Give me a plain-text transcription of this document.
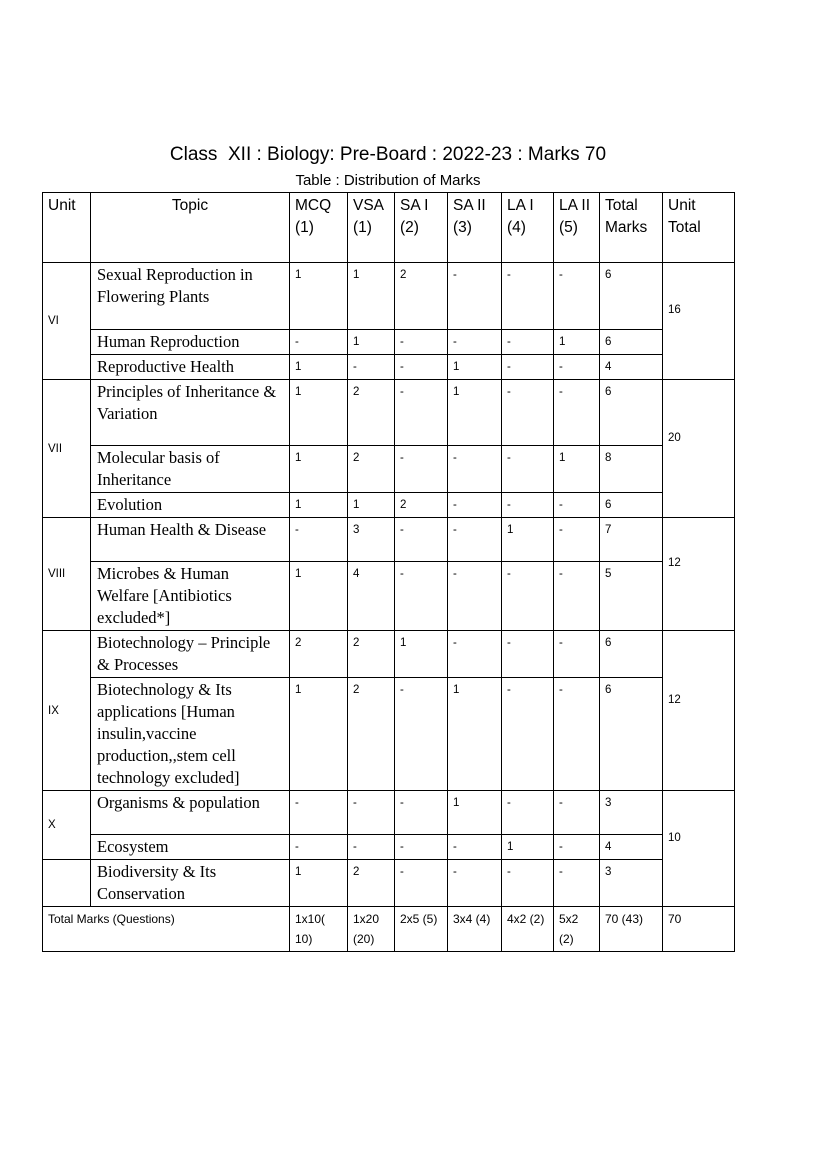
Class  XII : Biology: Pre-Board : 2022-23 : Marks 70
Table : Distribution of Marks
Unit	Topic	MCQ (1)	VSA (1)	SA I (2)	SA II (3)	LA I (4)	LA II (5)	Total Marks	Unit Total
VI	Sexual Reproduction in Flowering Plants	1	1	2	-	-	-	6	16

	Human Reproduction	-	1	-	-	-	1	6	
	Reproductive Health	1	-	-	1	-	-	4	
VII	Principles of Inheritance & Variation	1	2	-	1	-	-	6	20

	Molecular basis of Inheritance	1	2	-	-	-	1	8	
	Evolution	1	1	2	-	-	-	6	
VIII	Human Health & Disease	-	3	-	-	1	-	7	12

	Microbes & Human Welfare [Antibiotics excluded*]	1	4	-	-	-	-	5	
IX	Biotechnology – Principle & Processes	2	2	1	-	-	-	6	12

	Biotechnology & Its applications [Human insulin,vaccine production,,stem cell technology excluded]	1	2	-	1	-	-	6	
X	Organisms & population	-	-	-	1	-	-	3	10

	Ecosystem	-	-	-	-	1	-	4	
	Biodiversity & Its Conservation	1	2	-	-	-	-	3	
Total Marks (Questions)		1x10( 10)	1x20 (20)	2x5 (5)	3x4 (4)	4x2 (2)	5x2 (2)	70 (43)	70
